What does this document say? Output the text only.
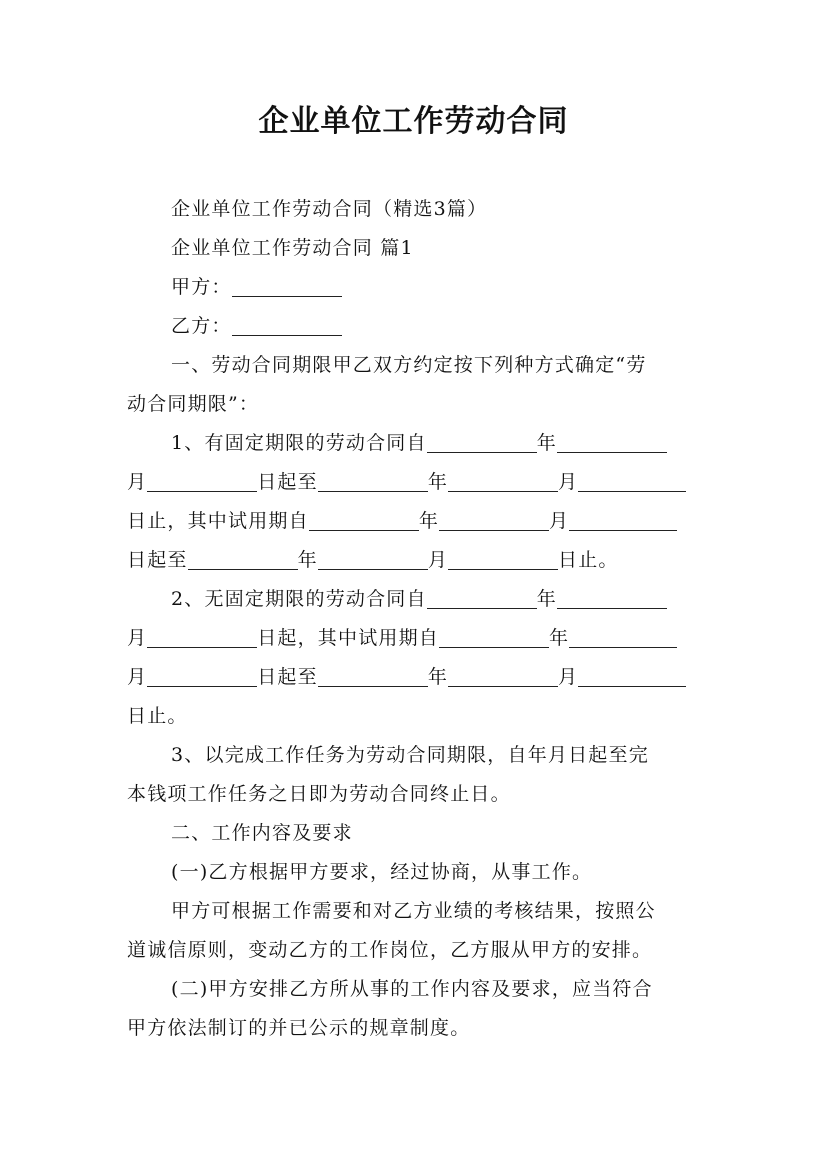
企业单位工作劳动合同
企业单位工作劳动合同（精选3篇）
企业单位工作劳动合同 篇1
甲方：
乙方：
一、劳动合同期限甲乙双方约定按下列种方式确定“劳
动合同期限”：
1、有固定期限的劳动合同自	年
月	日起至	年	月
日止，其中试用期自	年	月
日起至	年	月	日止。
2、无固定期限的劳动合同自	年
月	日起，其中试用期自	年
月	日起至	年	月
日止。
3、以完成工作任务为劳动合同期限，自年月日起至完
本钱项工作任务之日即为劳动合同终止日。
二、工作内容及要求
(一)乙方根据甲方要求，经过协商，从事工作。
甲方可根据工作需要和对乙方业绩的考核结果，按照公
道诚信原则，变动乙方的工作岗位，乙方服从甲方的安排。
(二)甲方安排乙方所从事的工作内容及要求，应当符合
甲方依法制订的并已公示的规章制度。
